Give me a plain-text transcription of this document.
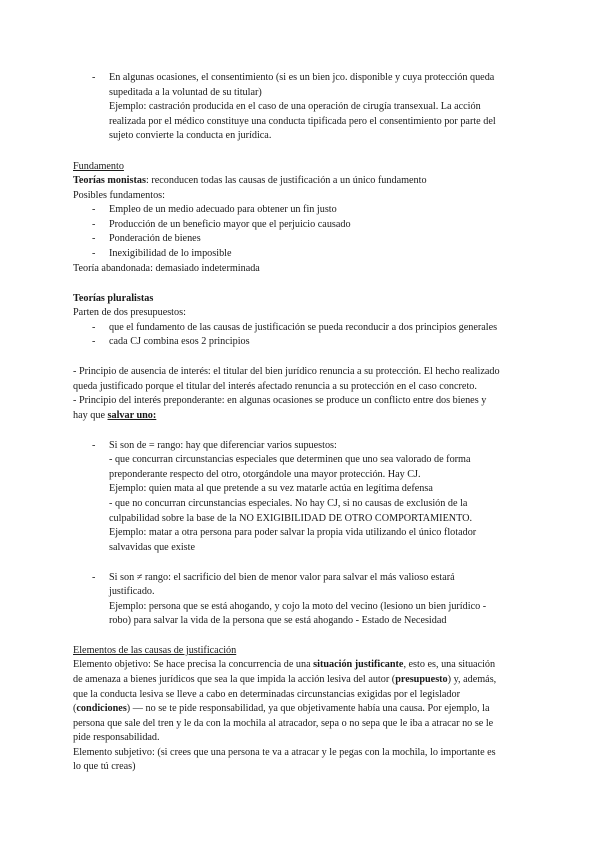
- En algunas ocasiones, el consentimiento (si es un bien jco. disponible y cuya protección queda
supeditada a la voluntad de su titular)
Ejemplo: castración producida en el caso de una operación de cirugía transexual. La acción
realizada por el médico constituye una conducta tipificada pero el consentimiento por parte del
sujeto convierte la conducta en jurídica.
Fundamento
Teorías monistas: reconducen todas las causas de justificación a un único fundamento
Posibles fundamentos:
- Empleo de un medio adecuado para obtener un fin justo
- Producción de un beneficio mayor que el perjuicio causado
- Ponderación de bienes
- Inexigibilidad de lo imposible
Teoría abandonada: demasiado indeterminada
Teorías pluralistas
Parten de dos presupuestos:
- que el fundamento de las causas de justificación se pueda reconducir a dos principios generales
- cada CJ combina esos 2 principios
- Principio de ausencia de interés: el titular del bien jurídico renuncia a su protección. El hecho realizado
queda justificado porque el titular del interés afectado renuncia a su protección en el caso concreto.
- Principio del interés preponderante: en algunas ocasiones se produce un conflicto entre dos bienes y
hay que salvar uno:
- Si son de = rango: hay que diferenciar varios supuestos:
- que concurran circunstancias especiales que determinen que uno sea valorado de forma
preponderante respecto del otro, otorgándole una mayor protección. Hay CJ.
Ejemplo: quien mata al que pretende a su vez matarle actúa en legítima defensa
- que no concurran circunstancias especiales. No hay CJ, si no causas de exclusión de la
culpabilidad sobre la base de la NO EXIGIBILIDAD DE OTRO COMPORTAMIENTO.
Ejemplo: matar a otra persona para poder salvar la propia vida utilizando el único flotador
salvavidas que existe
- Si son ≠ rango: el sacrificio del bien de menor valor para salvar el más valioso estará
justificado.
Ejemplo: persona que se está ahogando, y cojo la moto del vecino (lesiono un bien jurídico -
robo) para salvar la vida de la persona que se está ahogando - Estado de Necesidad
Elementos de las causas de justificación
Elemento objetivo: Se hace precisa la concurrencia de una situación justificante, esto es, una situación
de amenaza a bienes jurídicos que sea la que impida la acción lesiva del autor (presupuesto) y, además,
que la conducta lesiva se lleve a cabo en determinadas circunstancias exigidas por el legislador
(condiciones) — no se te pide responsabilidad, ya que objetivamente había una causa. Por ejemplo, la
persona que sale del tren y le da con la mochila al atracador, sepa o no sepa que le iba a atracar no se le
pide responsabilidad.
Elemento subjetivo: (si crees que una persona te va a atracar y le pegas con la mochila, lo importante es
lo que tú creas)
